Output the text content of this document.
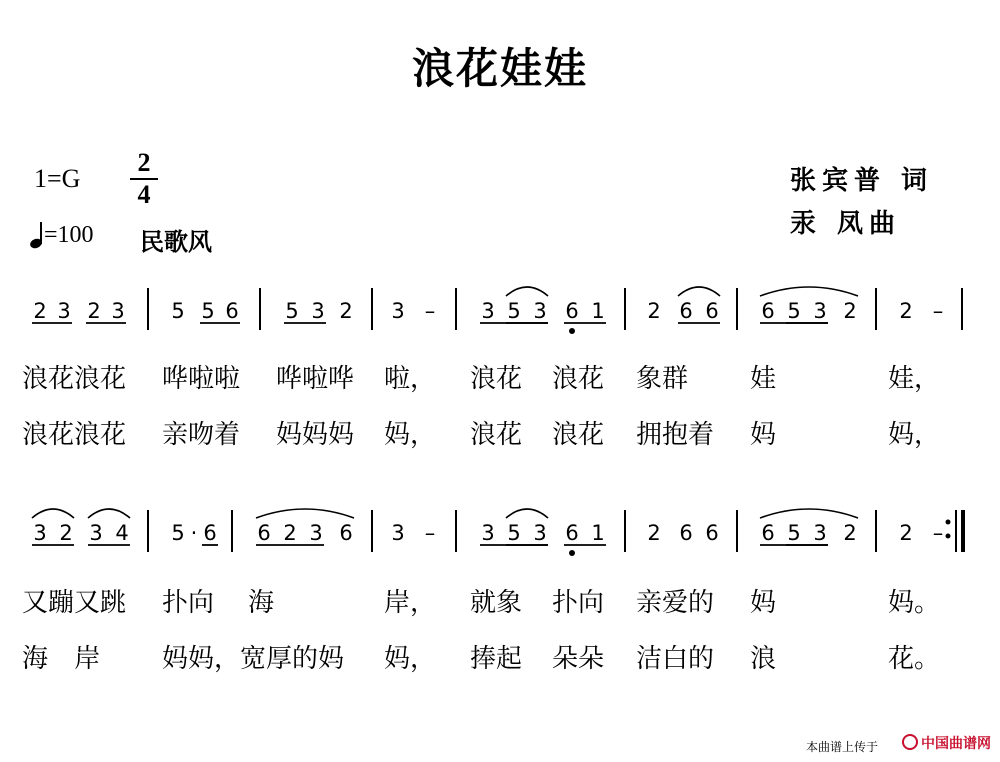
浪花娃娃
1=G
2
4
=100 民歌风
张宾普 词
汞 凤曲
2 3 2 3 5 5 6 5 3 2 3 – 3 5 3 6 1 2 6 6 6 5 3 2 2 –
3 2 3 4 5 · 6 6 2 3 6 3 – 3 5 3 6 1 2 6 6 6 5 3 2 2 –
浪花浪花 哗啦啦 哗啦哗 啦， 浪花 浪花 象群 娃	娃，
浪花浪花 亲吻着 妈妈妈 妈， 浪花 浪花 拥抱着 妈	妈，
又蹦又跳 扑向 海	岸， 就象 扑向 亲爱的 妈	妈。
海 岸 妈妈，宽厚的妈 妈， 捧起 朵朵 洁白的 浪	花。
本曲谱上传于	中国曲谱网
